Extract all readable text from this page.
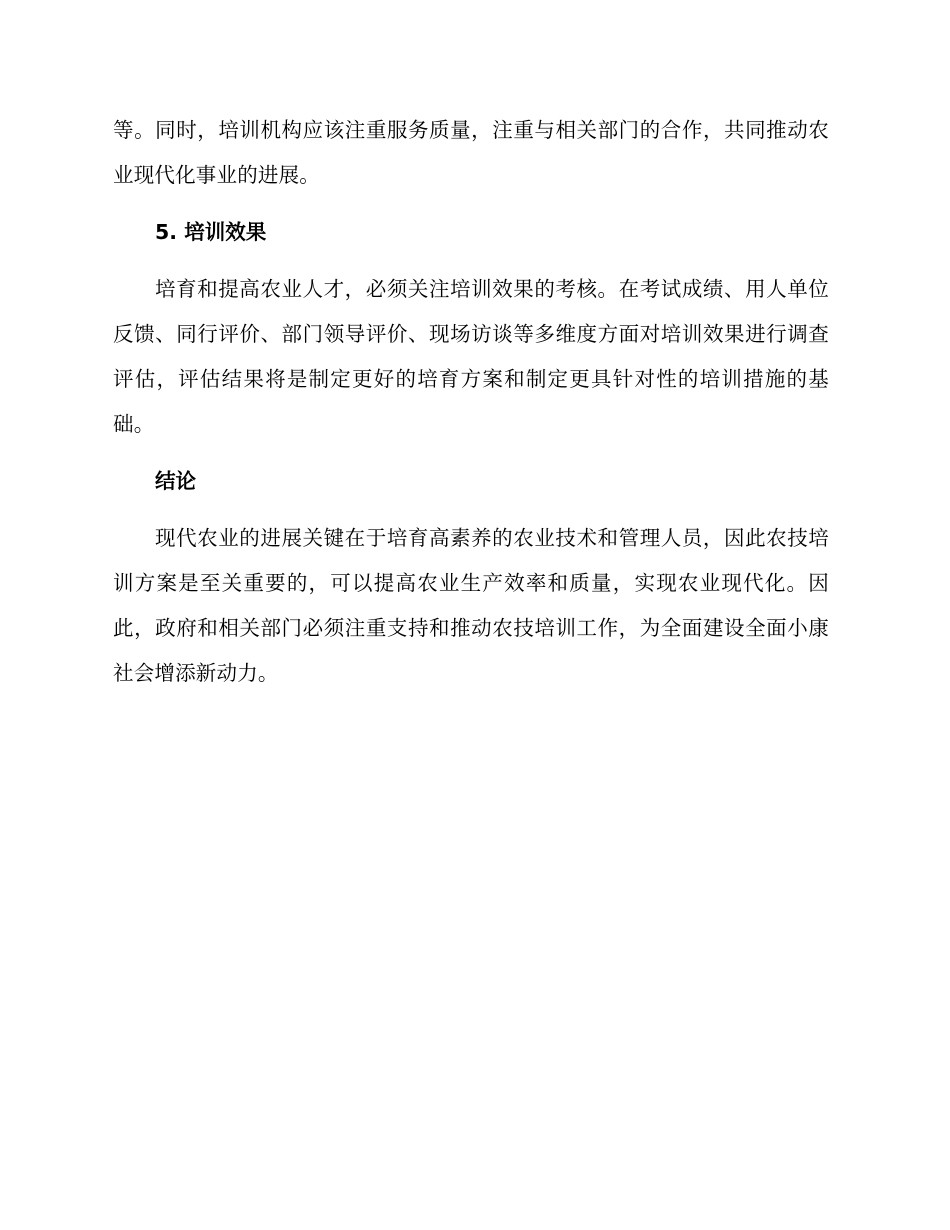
等。同时，培训机构应该注重服务质量，注重与相关部门的合作，共同推动农业现代化事业的进展。

5. 培训效果

培育和提高农业人才，必须关注培训效果的考核。在考试成绩、用人单位反馈、同行评价、部门领导评价、现场访谈等多维度方面对培训效果进行调查评估，评估结果将是制定更好的培育方案和制定更具针对性的培训措施的基础。

结论

现代农业的进展关键在于培育高素养的农业技术和管理人员，因此农技培训方案是至关重要的，可以提高农业生产效率和质量，实现农业现代化。因此，政府和相关部门必须注重支持和推动农技培训工作，为全面建设全面小康社会增添新动力。
